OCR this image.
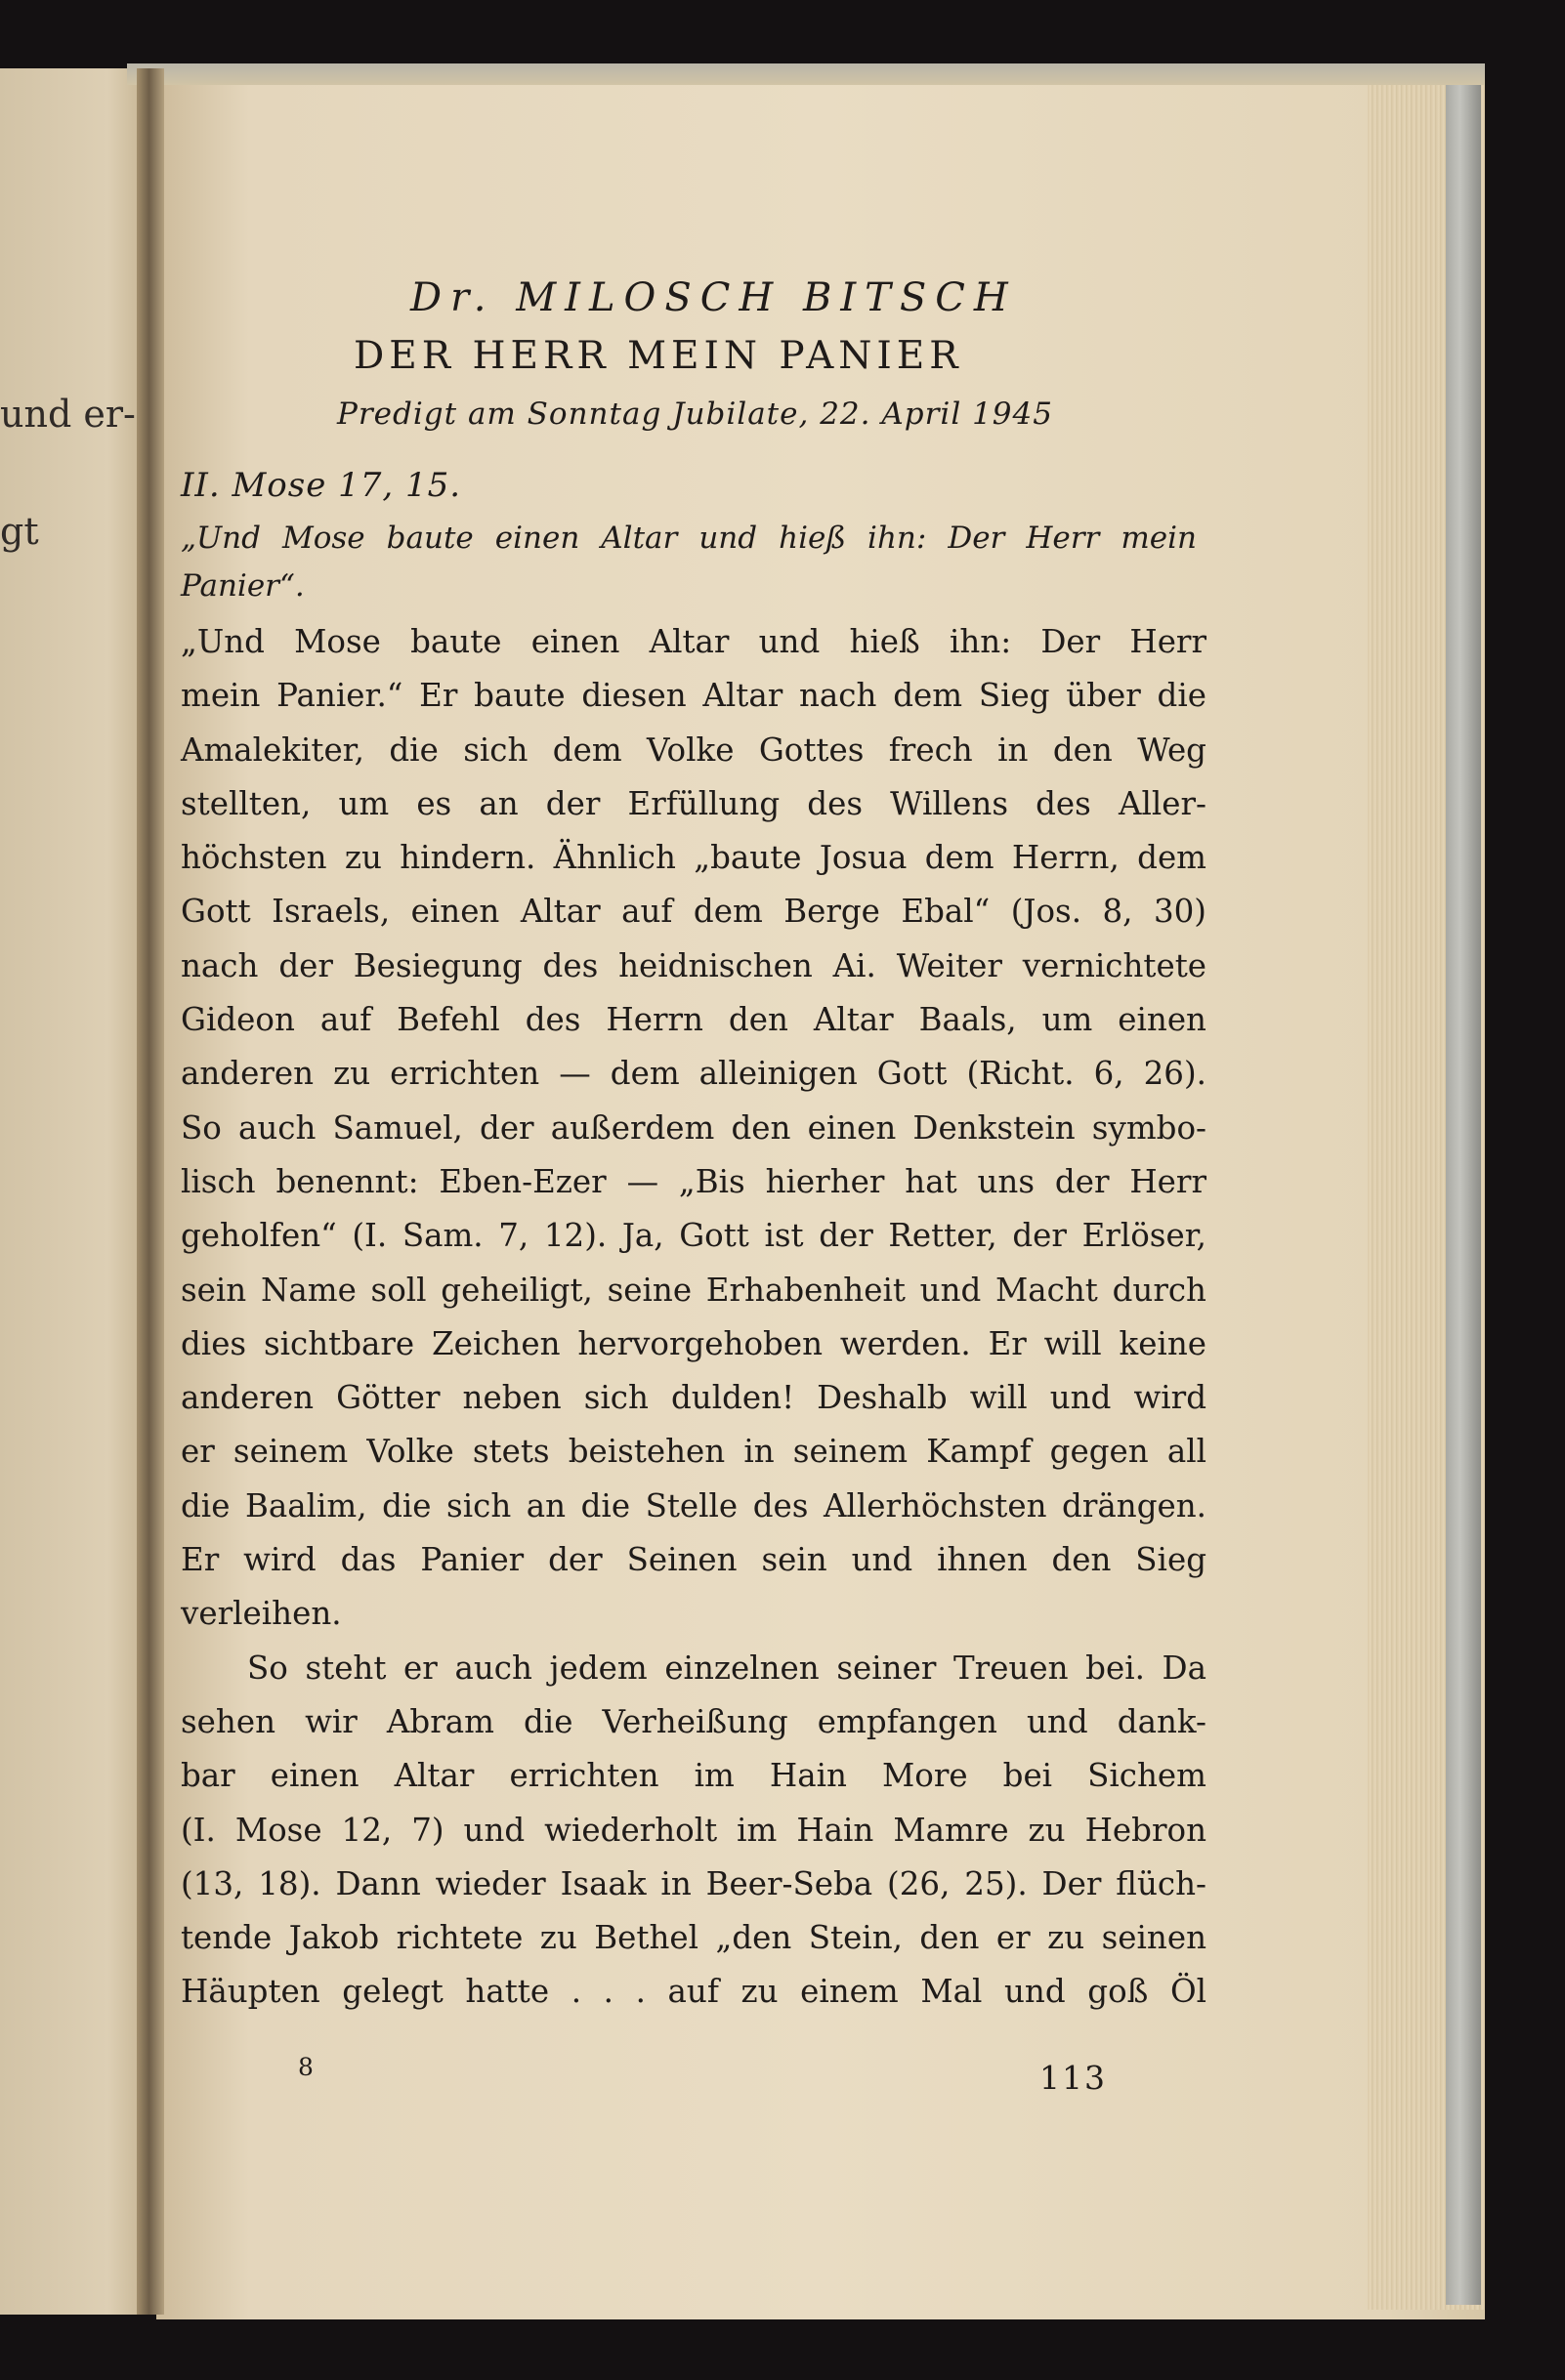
und er-
gt
Dr. MILOSCH BITSCH
DER HERR MEIN PANIER
Predigt am Sonntag Jubilate, 22. April 1945
II. Mose 17, 15.
„Und Mose baute einen Altar und hieß ihn: Der Herr mein Panier“.
„Und Mose baute einen Altar und hieß ihn: Der Herr
mein Panier.“ Er baute diesen Altar nach dem Sieg über die
Amalekiter, die sich dem Volke Gottes frech in den Weg
stellten, um es an der Erfüllung des Willens des Aller-
höchsten zu hindern. Ähnlich „baute Josua dem Herrn, dem
Gott Israels, einen Altar auf dem Berge Ebal“ (Jos. 8, 30)
nach der Besiegung des heidnischen Ai. Weiter vernichtete
Gideon auf Befehl des Herrn den Altar Baals, um einen
anderen zu errichten — dem alleinigen Gott (Richt. 6, 26).
So auch Samuel, der außerdem den einen Denkstein symbo-
lisch benennt: Eben-Ezer — „Bis hierher hat uns der Herr
geholfen“ (I. Sam. 7, 12). Ja, Gott ist der Retter, der Erlöser,
sein Name soll geheiligt, seine Erhabenheit und Macht durch
dies sichtbare Zeichen hervorgehoben werden. Er will keine
anderen Götter neben sich dulden! Deshalb will und wird
er seinem Volke stets beistehen in seinem Kampf gegen all
die Baalim, die sich an die Stelle des Allerhöchsten drängen.
Er wird das Panier der Seinen sein und ihnen den Sieg
verleihen.
So steht er auch jedem einzelnen seiner Treuen bei. Da
sehen wir Abram die Verheißung empfangen und dank-
bar einen Altar errichten im Hain More bei Sichem
(I. Mose 12, 7) und wiederholt im Hain Mamre zu Hebron
(13, 18). Dann wieder Isaak in Beer-Seba (26, 25). Der flüch-
tende Jakob richtete zu Bethel „den Stein, den er zu seinen
Häupten gelegt hatte . . . auf zu einem Mal und goß Öl
8	113
